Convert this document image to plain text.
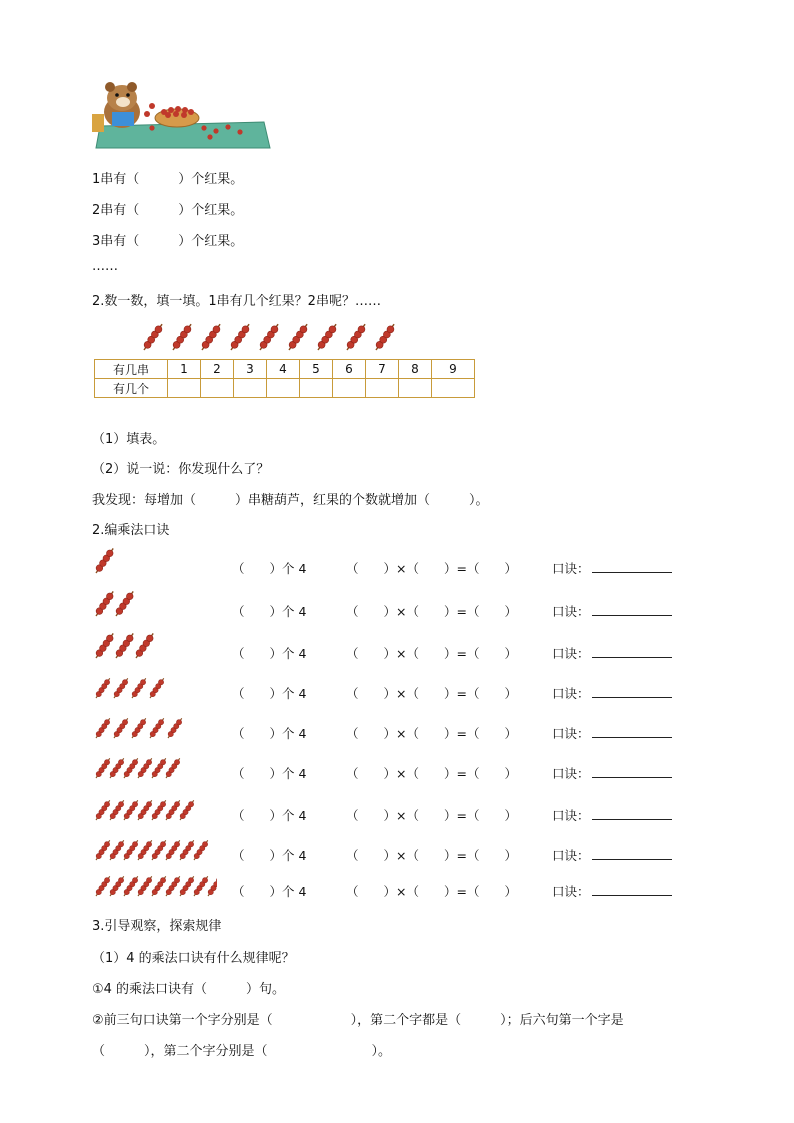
1串有（　　　）个红果。
2串有（　　　）个红果。
3串有（　　　）个红果。
……
2.数一数，填一填。1串有几个红果？2串呢？……
有几串	1	2	3	4	5	6	7	8	9
有几个									
（1）填表。
（2）说一说：你发现什么了？
我发现：每增加（　　　）串糖葫芦，红果的个数就增加（　　　）。
2.编乘法口诀
（　　）个 4	（　　）×（　　）=（　　）	口诀：
（　　）个 4	（　　）×（　　）=（　　）	口诀：
（　　）个 4	（　　）×（　　）=（　　）	口诀：
（　　）个 4	（　　）×（　　）=（　　）	口诀：
（　　）个 4	（　　）×（　　）=（　　）	口诀：
（　　）个 4	（　　）×（　　）=（　　）	口诀：
（　　）个 4	（　　）×（　　）=（　　）	口诀：
（　　）个 4	（　　）×（　　）=（　　）	口诀：
（　　）个 4	（　　）×（　　）=（　　）	口诀：
3.引导观察，探索规律
（1）4 的乘法口诀有什么规律呢？
①4 的乘法口诀有（　　　）句。
②前三句口诀第一个字分别是（　　　　　　），第二个字都是（　　　）；后六句第一个字是
（　　　），第二个字分别是（　　　　　　　　）。
